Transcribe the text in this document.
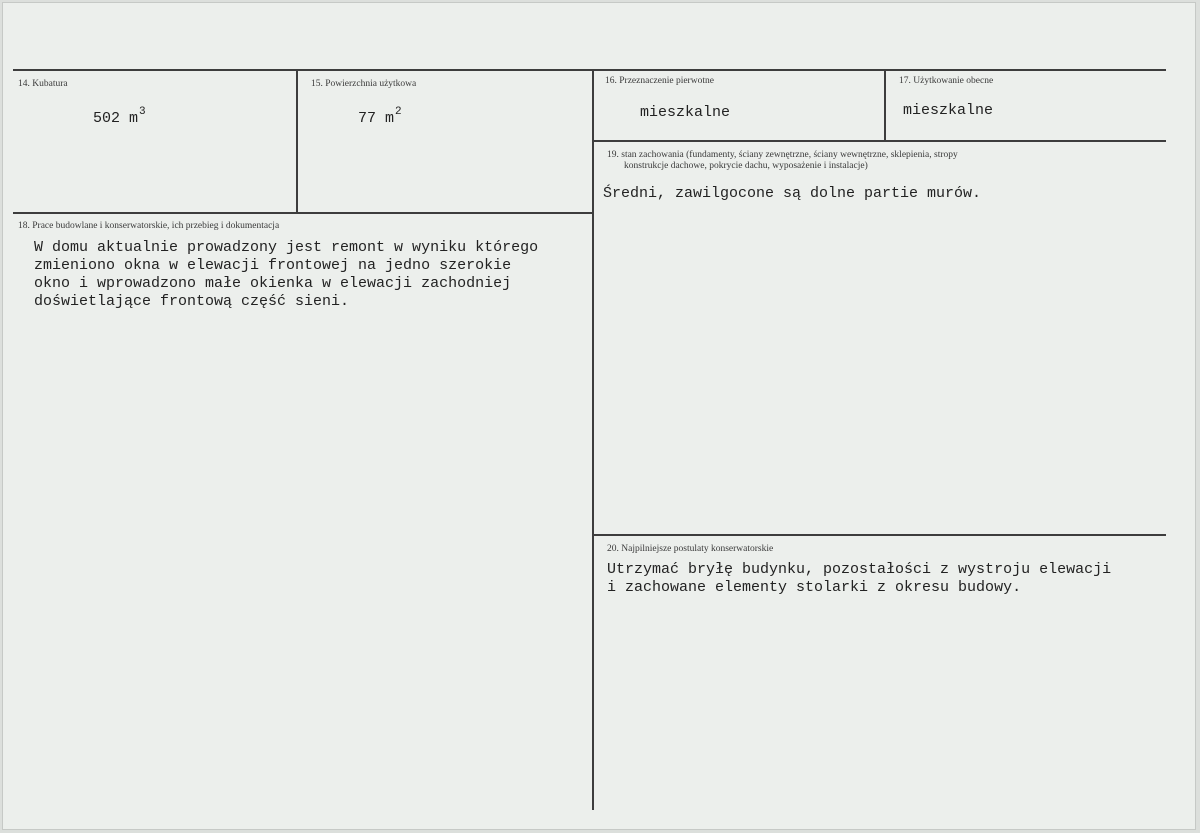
14. Kubatura
502 $m^3$
15. Powierzchnia użytkowa
77 $m^2$
16. Przeznaczenie pierwotne
mieszkalne
17. Użytkowanie obecne
mieszkalne
18. Prace budowlane i konserwatorskie, ich przebieg i dokumentacja
W domu aktualnie prowadzony jest remont w wyniku którego
zmieniono okna w elewacji frontowej na jedno szerokie
okno i wprowadzono małe okienka w elewacji zachodniej
doświetlające frontową część sieni.
19. stan zachowania (fundamenty, ściany zewnętrzne, ściany wewnętrzne, sklepienia, stropy
konstrukcje dachowe, pokrycie dachu, wyposażenie i instalacje)
Średni, zawilgocone są dolne partie murów.
20. Najpilniejsze postulaty konserwatorskie
Utrzymać bryłę budynku, pozostałości z wystroju elewacji
i zachowane elementy stolarki z okresu budowy.
